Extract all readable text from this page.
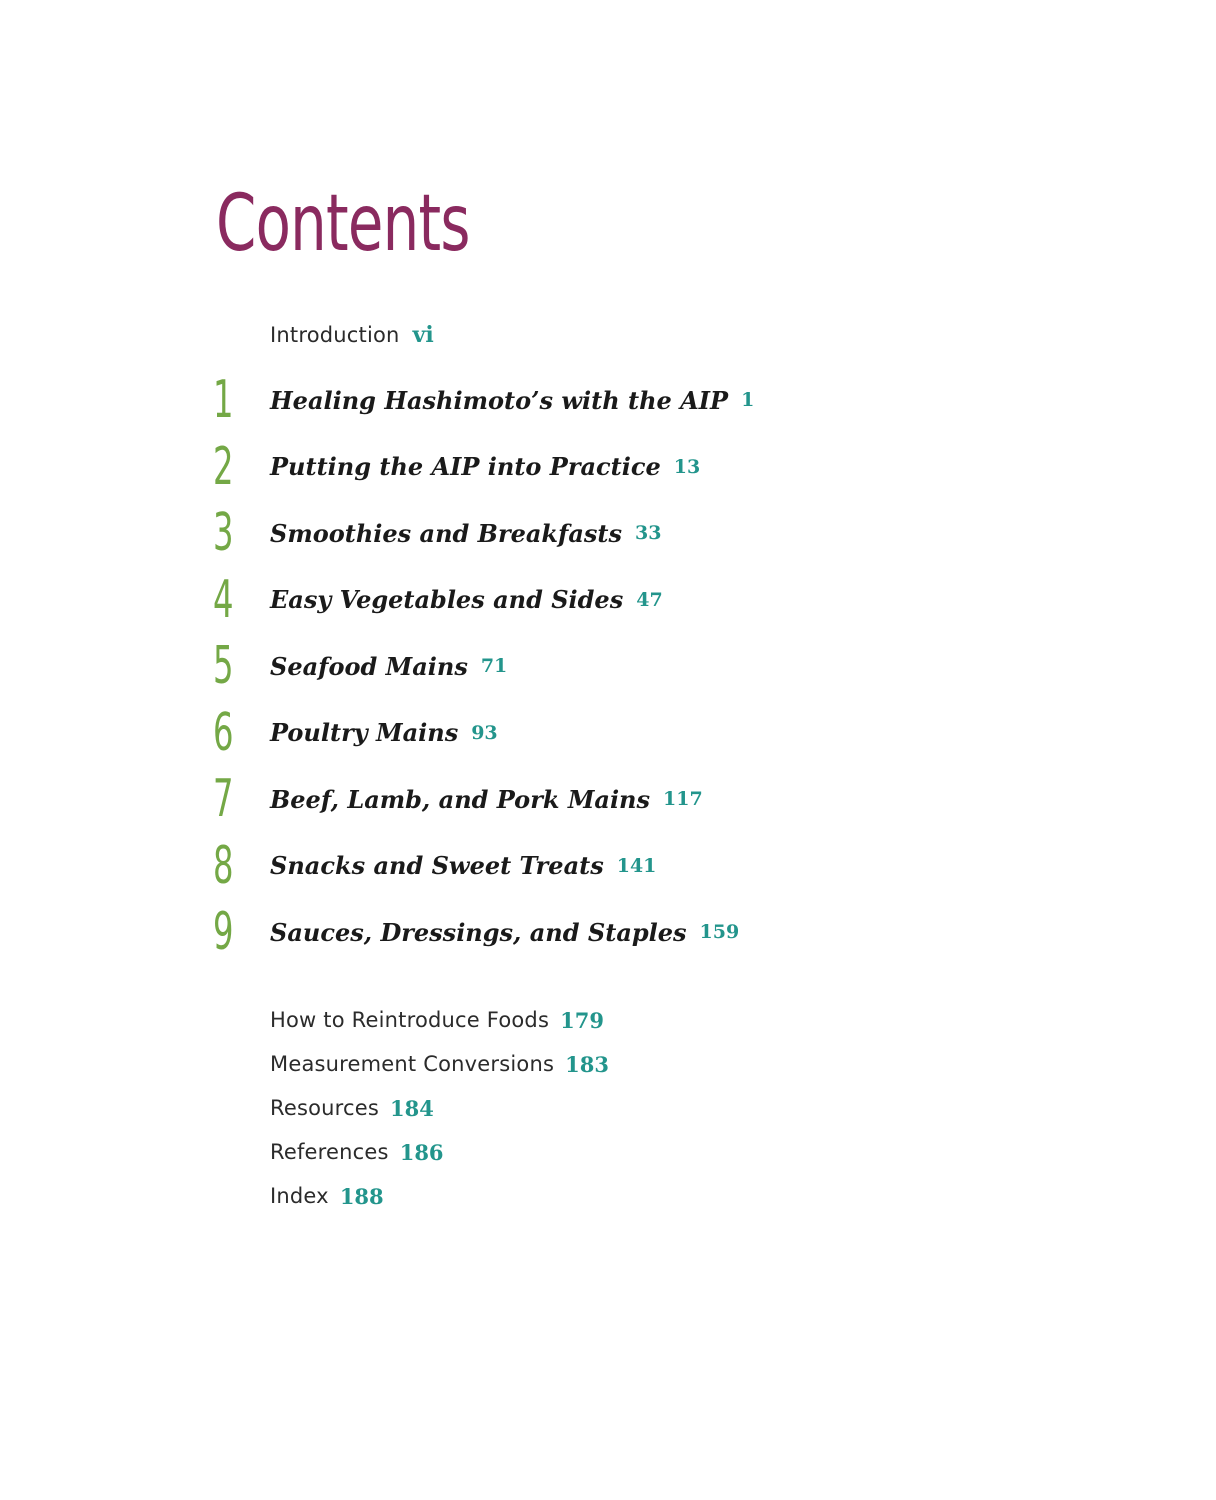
Contents
Introduction vi
1 Healing Hashimoto’s with the AIP 1
2 Putting the AIP into Practice 13
3 Smoothies and Breakfasts 33
4 Easy Vegetables and Sides 47
5 Seafood Mains 71
6 Poultry Mains 93
7 Beef, Lamb, and Pork Mains 117
8 Snacks and Sweet Treats 141
9 Sauces, Dressings, and Staples 159
How to Reintroduce Foods 179
Measurement Conversions 183
Resources 184
References 186
Index 188
